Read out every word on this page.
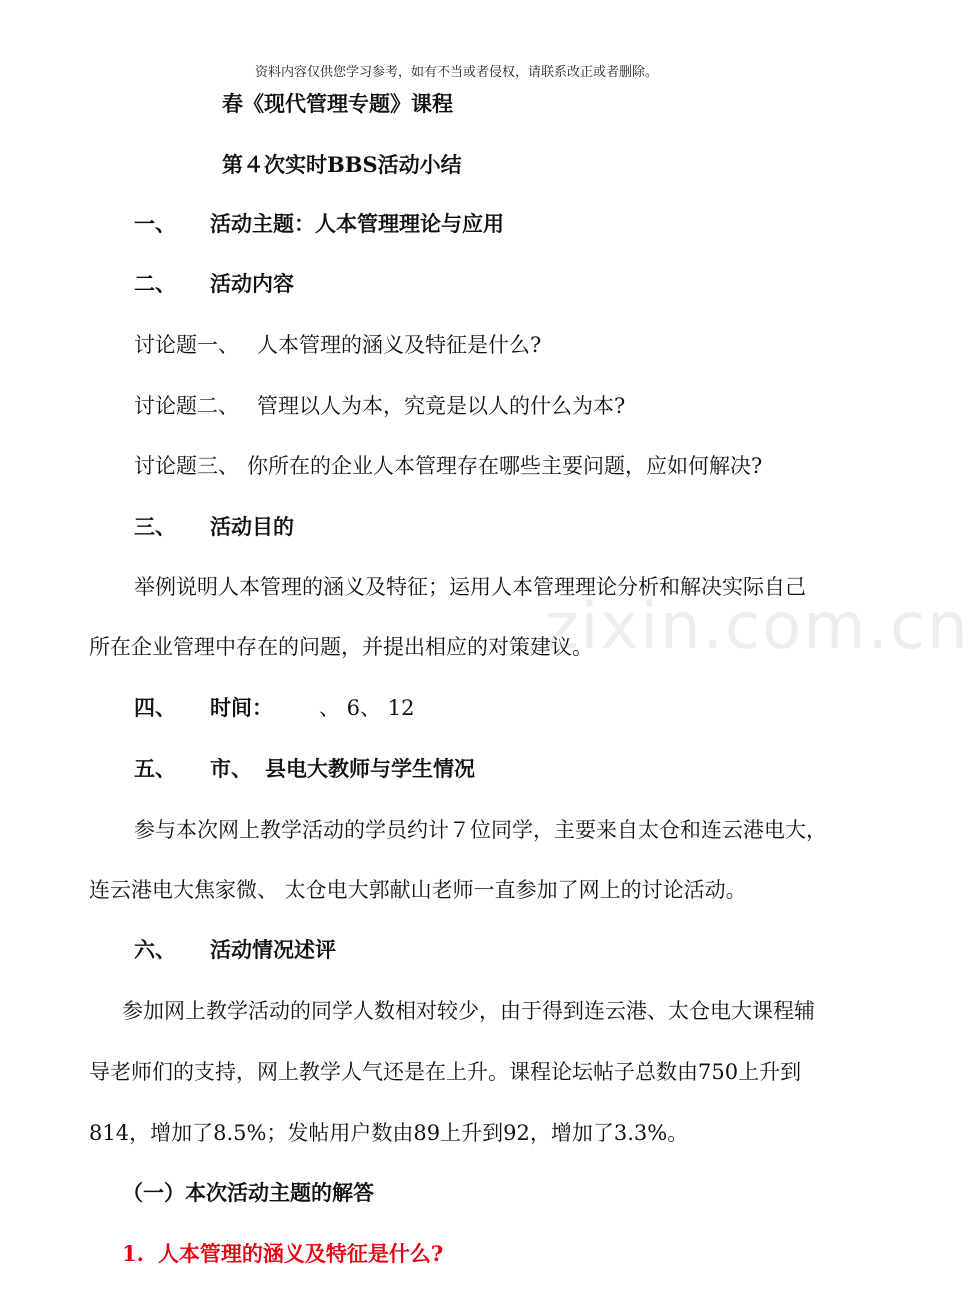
资料内容仅供您学习参考，如有不当或者侵权，请联系改正或者删除。
zixin.com.cn
春《现代管理专题》课程
第４次实时BBS活动小结
一、 活动主题：人本管理理论与应用
二、 活动内容
讨论题一、 人本管理的涵义及特征是什么?
讨论题二、 管理以人为本，究竟是以人的什么为本?
讨论题三、 你所在的企业人本管理存在哪些主要问题，应如何解决?
三、 活动目的
举例说明人本管理的涵义及特征；运用人本管理理论分析和解决实际自己
所在企业管理中存在的问题，并提出相应的对策建议。
四、 时间： 、 6、 12
五、 市、 县电大教师与学生情况
参与本次网上教学活动的学员约计７位同学，主要来自太仓和连云港电大，
连云港电大焦家微、 太仓电大郭献山老师一直参加了网上的讨论活动。
六、 活动情况述评
参加网上教学活动的同学人数相对较少，由于得到连云港、太仓电大课程辅
导老师们的支持，网上教学人气还是在上升。课程论坛帖子总数由750上升到
814，增加了8.5%；发帖用户数由89上升到92，增加了3.3%。
（一）本次活动主题的解答
1. 人本管理的涵义及特征是什么?
